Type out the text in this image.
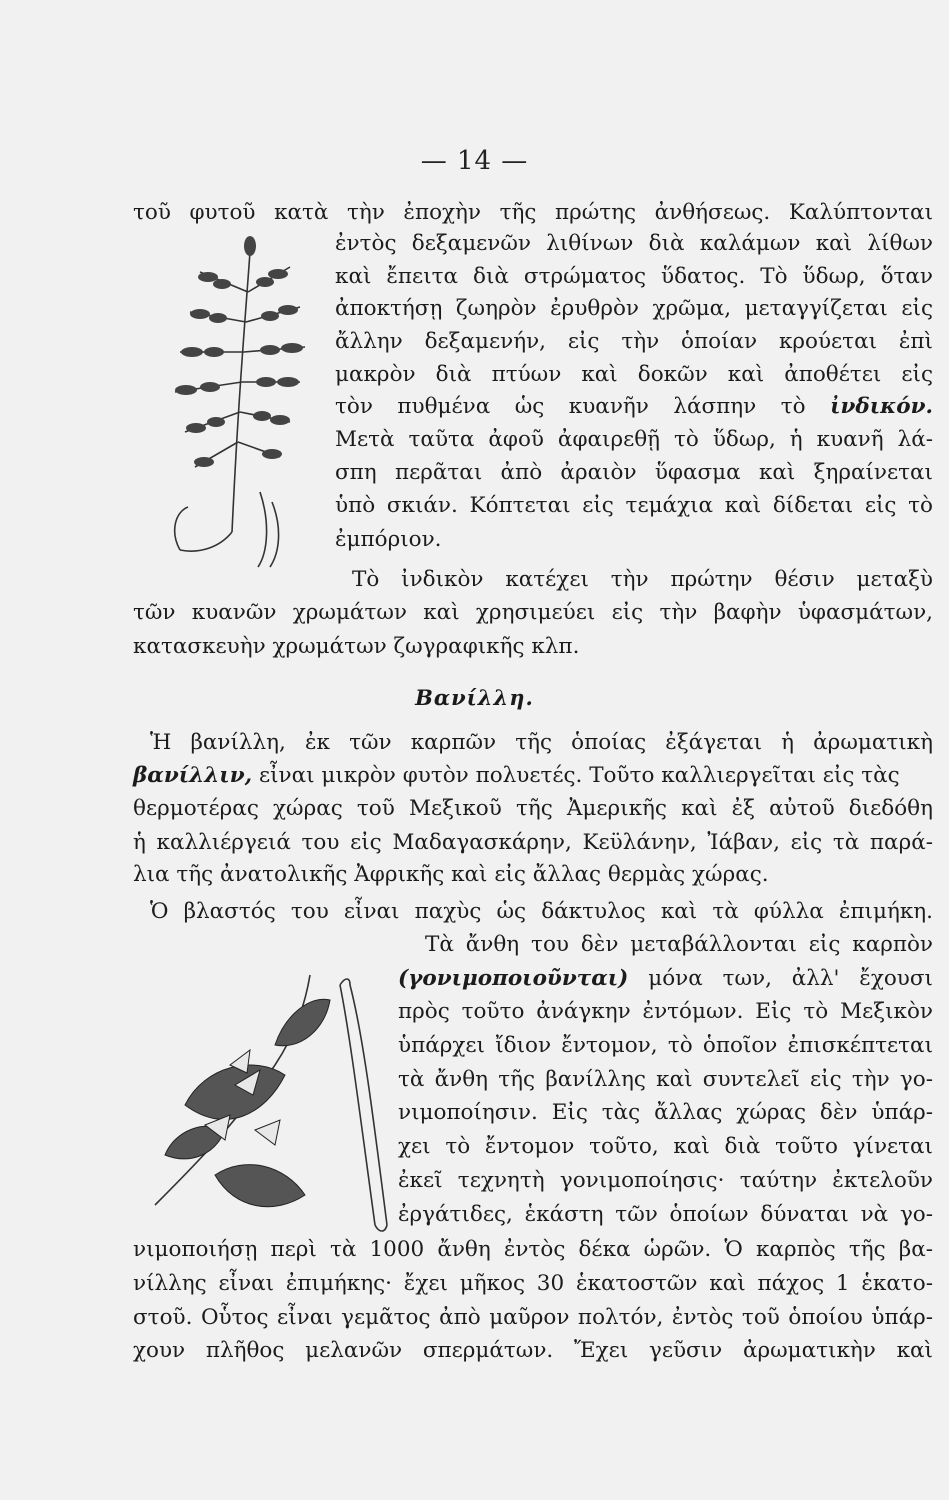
— 14 —
τοῦ φυτοῦ κατὰ τὴν ἐποχὴν τῆς πρώτης ἀνθήσεως. Καλύπτονται
ἐντὸς δεξαμενῶν λιθίνων διὰ καλάμων καὶ λίθων
καὶ ἔπειτα διὰ στρώματος ὕδατος. Τὸ ὕδωρ, ὅταν
ἀποκτήσῃ ζωηρὸν ἐρυθρὸν χρῶμα, μεταγγίζεται εἰς
ἄλλην δεξαμενήν, εἰς τὴν ὁποίαν κρούεται ἐπὶ
μακρὸν διὰ πτύων καὶ δοκῶν καὶ ἀποθέτει εἰς
τὸν πυθμένα ὡς κυανῆν λάσπην τὸ ἰνδικόν.
Μετὰ ταῦτα ἀφοῦ ἀφαιρεθῇ τὸ ὕδωρ, ἡ κυανῆ λά-
σπη περᾶται ἀπὸ ἀραιὸν ὕφασμα καὶ ξηραίνεται
ὑπὸ σκιάν. Κόπτεται εἰς τεμάχια καὶ δίδεται εἰς τὸ
ἐμπόριον.
Τὸ ἰνδικὸν κατέχει τὴν πρώτην θέσιν μεταξὺ
τῶν κυανῶν χρωμάτων καὶ χρησιμεύει εἰς τὴν βαφὴν ὑφασμάτων,
κατασκευὴν χρωμάτων ζωγραφικῆς κλπ.
Βανίλλη.
Ἡ βανίλλη, ἐκ τῶν καρπῶν τῆς ὁποίας ἐξάγεται ἡ ἀρωματικὴ
βανίλλιν, εἶναι μικρὸν φυτὸν πολυετές. Τοῦτο καλλιεργεῖται εἰς τὰς
θερμοτέρας χώρας τοῦ Μεξικοῦ τῆς Ἀμερικῆς καὶ ἐξ αὐτοῦ διεδόθη
ἡ καλλιέργειά του εἰς Μαδαγασκάρην, Κεϋλάνην, Ἰάβαν, εἰς τὰ παρά-
λια τῆς ἀνατολικῆς Ἀφρικῆς καὶ εἰς ἄλλας θερμὰς χώρας.
Ὁ βλαστός του εἶναι παχὺς ὡς δάκτυλος καὶ τὰ φύλλα ἐπιμήκη.
Τὰ ἄνθη του δὲν μεταβάλλονται εἰς καρπὸν
(γονιμοποιοῦνται) μόνα των, ἀλλ' ἔχουσι
πρὸς τοῦτο ἀνάγκην ἐντόμων. Εἰς τὸ Μεξικὸν
ὑπάρχει ἴδιον ἔντομον, τὸ ὁποῖον ἐπισκέπτεται
τὰ ἄνθη τῆς βανίλλης καὶ συντελεῖ εἰς τὴν γο-
νιμοποίησιν. Εἰς τὰς ἄλλας χώρας δὲν ὑπάρ-
χει τὸ ἔντομον τοῦτο, καὶ διὰ τοῦτο γίνεται
ἐκεῖ τεχνητὴ γονιμοποίησις· ταύτην ἐκτελοῦν
ἐργάτιδες, ἑκάστη τῶν ὁποίων δύναται νὰ γο-
νιμοποιήσῃ περὶ τὰ 1000 ἄνθη ἐντὸς δέκα ὡρῶν. Ὁ καρπὸς τῆς βα-
νίλλης εἶναι ἐπιμήκης· ἔχει μῆκος 30 ἑκατοστῶν καὶ πάχος 1 ἑκατο-
στοῦ. Οὗτος εἶναι γεμᾶτος ἀπὸ μαῦρον πολτόν, ἐντὸς τοῦ ὁποίου ὑπάρ-
χουν πλῆθος μελανῶν σπερμάτων. Ἔχει γεῦσιν ἀρωματικὴν καὶ
